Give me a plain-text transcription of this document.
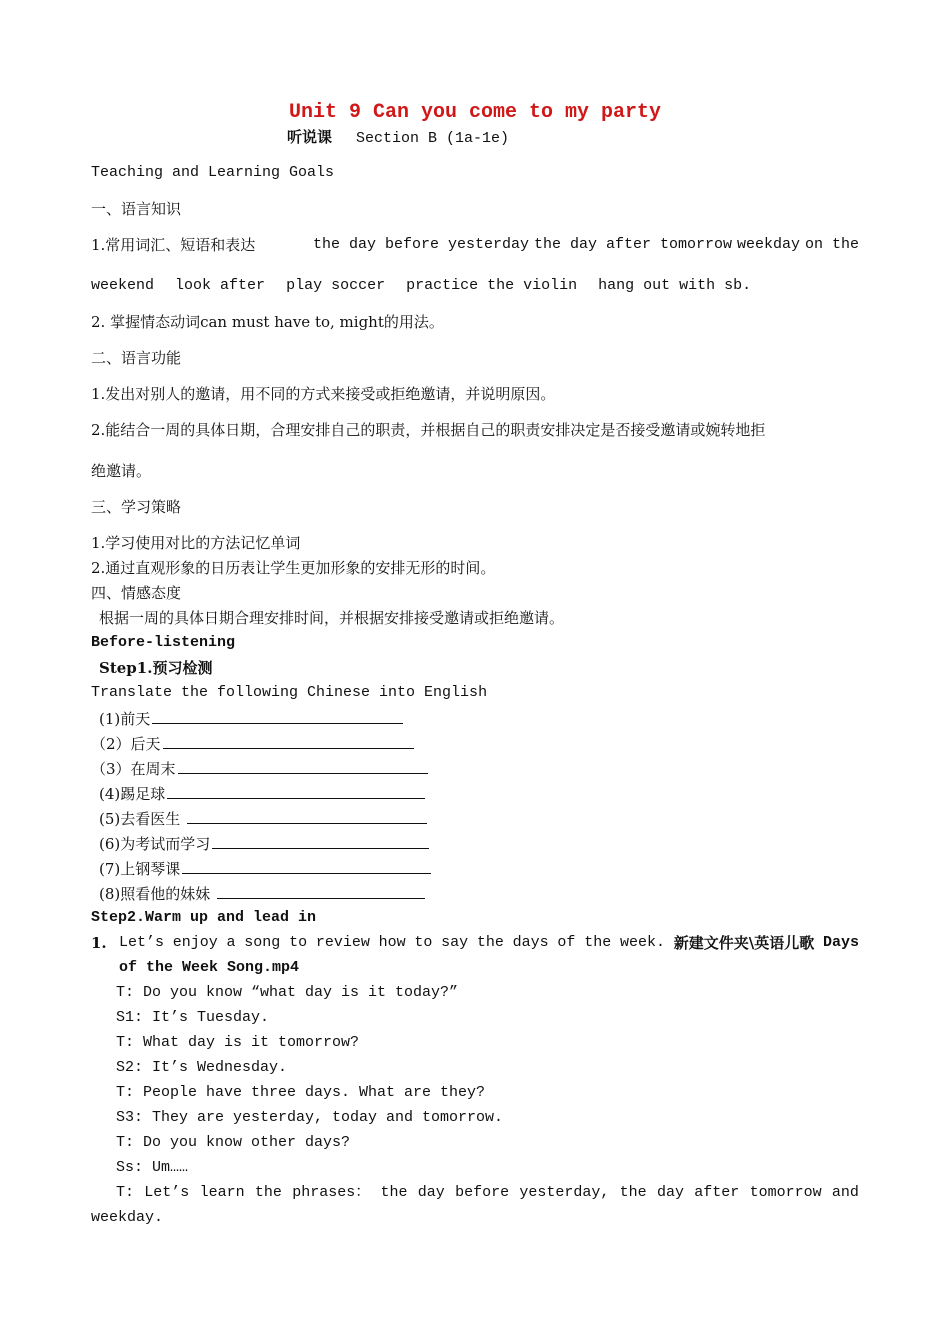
Unit 9 Can you come to my party
听说课 Section B (1a-1e)
Teaching and Learning Goals
一、语言知识
1.常用词汇、短语和表达	the day before yesterday the day after tomorrow weekday on the
weekend look after play soccer practice the violin hang out with sb.
2. 掌握情态动词can must have to, might的用法。
二、语言功能
1.发出对别人的邀请，用不同的方式来接受或拒绝邀请，并说明原因。
2.能结合一周的具体日期，合理安排自己的职责，并根据自己的职责安排决定是否接受邀请或婉转地拒
绝邀请。
三、学习策略
1.学习使用对比的方法记忆单词
2.通过直观形象的日历表让学生更加形象的安排无形的时间。
四、情感态度
根据一周的具体日期合理安排时间，并根据安排接受邀请或拒绝邀请。
Before-listening
Step1.预习检测
Translate the following Chinese into English
(1)前天
（2）后天
（3）在周末
(4)踢足球
(5)去看医生
(6)为考试而学习
(7)上钢琴课
(8)照看他的妹妹
Step2.Warm up and lead in
1. Let’s enjoy a song to review how to say the days of the week. 新建文件夹\英语儿歌 Days
of the Week Song.mp4
T: Do you know “what day is it today?”
S1: It’s Tuesday.
T: What day is it tomorrow?
S2: It’s Wednesday.
T: People have three days. What are they?
S3: They are yesterday, today and tomorrow.
T: Do you know other days?
Ss: Um……
T: Let’s learn the phrases： the day before yesterday, the day after tomorrow and
weekday.
